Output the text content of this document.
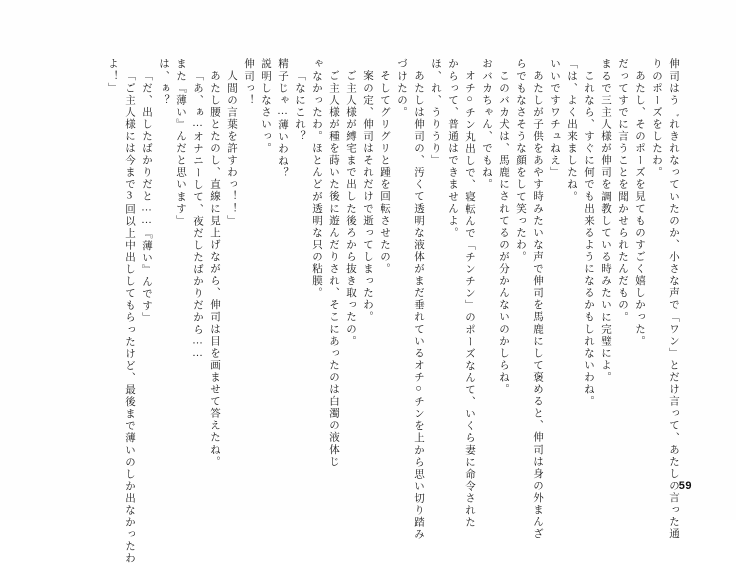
伸司はう゛れきれなっていたのか、小さな声で「ワン」とだけ言って、あたしの言った通
りのポーズをしたわ。
あたし、そのポーズを見てものすごく嬉しかった。
だってすでに言うことを聞かせられたんだもの。
まるで三主人様が伸司を調教している時みたいに完璧によ。
これなら、すぐに何でも出来るようになるかもしれないわね。
「は、よく出来ましたね。
いいですワチュねえ」
あたしが子供をあやす時みたいな声で伸司を馬鹿にして褒めると、伸司は身の外まんざ
らでもなさそうな顔をして笑ったわ。
このバカ犬は、馬鹿にされてるのが分かんないのかしらね。
おバカちゃん、でもね。
オチ○チン丸出しで、寝転んで「チンチン」のポーズなんて、いくら妻に命令された
からって、普通はできませんよ。
ほ、れ、うりうり」
あたしは伸司の、汚くて透明な液体がまだ垂れているオチ○チンを上から思い切り踏み
づけたの。
そしてグリグリと踵を回転させたの。
案の定、伸司はそれだけで逝ってしまったわ。
ご主人様が縛宅まで出した後ろから抜き取ったの。
ご主人様が種を蒔いた後に遊んだりされ、そこにあったのは白濁の液体じ
ゃなかったわ。ほとんどが透明な只の粘膜。
「なにこれ？
精子じゃ…薄いわね？
説明しなさいっ。
伸司っ！
人間の言葉を許すわっ！！」
あたし腰とたのし、直線に見上げながら、伸司は目を画ませて答えたね。
「あ、ぁ…オナニーして、夜だしたばかりだから……
また『薄い』んだと思います」
は、ぁ？
「だ、出したばかりだと……『薄い』んです」
「ご主人様には今まで3回以上中出ししてもらったけど、最後まで薄いのしか出なかったわ
よ！」
59
